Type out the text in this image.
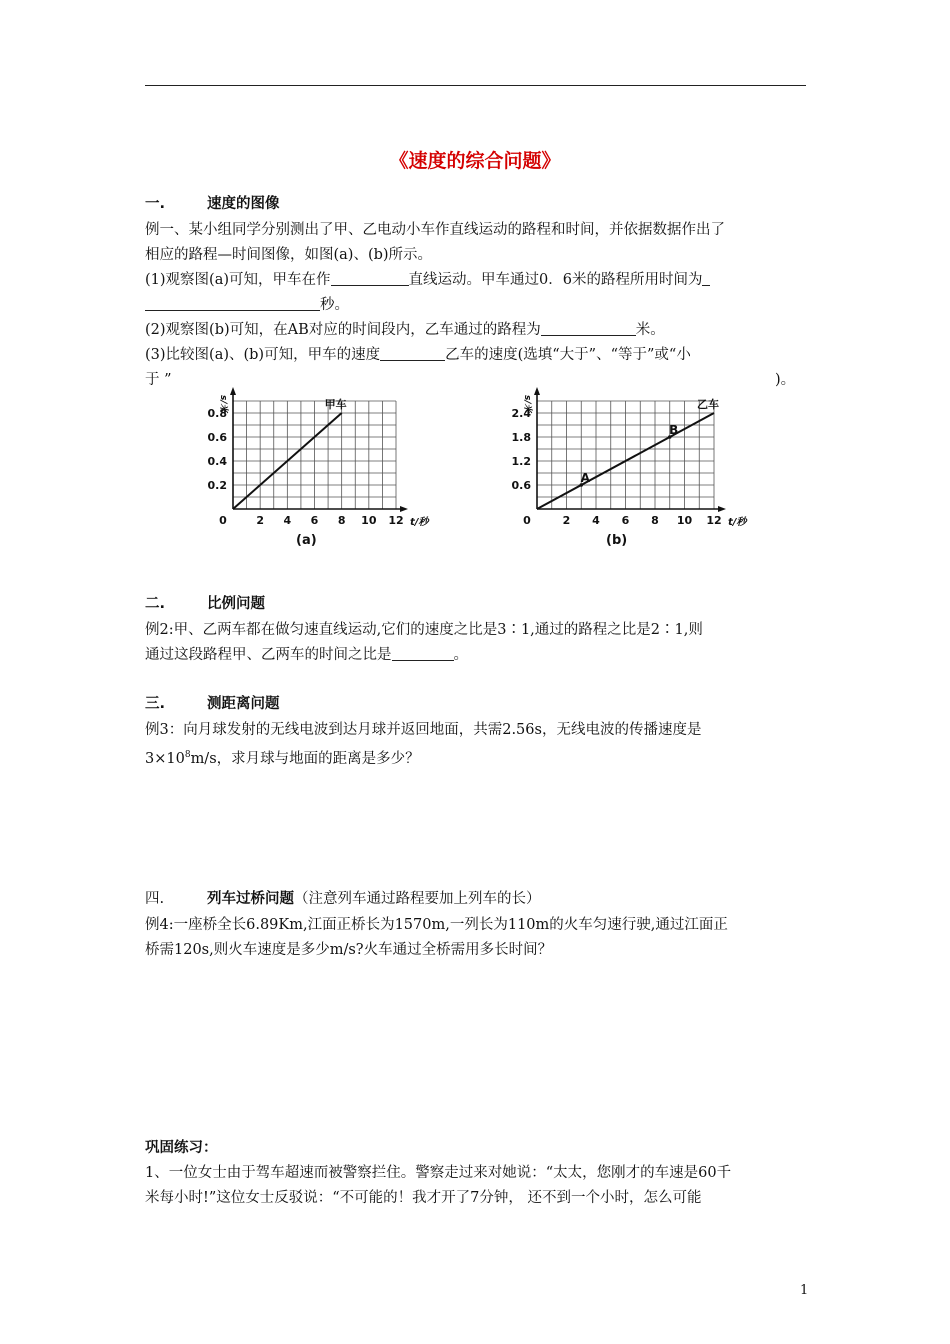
《速度的综合问题》
一.	速度的图像
例一、某小组同学分别测出了甲、乙电动小车作直线运动的路程和时间，并依据数据作出了
相应的路程—时间图像，如图(a)、(b)所示。
(1)观察图(a)可知，甲车在作	直线运动。甲车通过0．6米的路程所用时间为
秒。
(2)观察图(b)可知，在AB对应的时间段内，乙车通过的路程为	米。
(3)比较图(a)、(b)可知，甲车的速度	乙车的速度(选填“大于”、“等于”或“小
于 ”	)。
0	2 4 6 8 10 12
0.2
0.4
0.6
0.8
t/秒
s/米	甲车
(a)
0	2 4 6 8 10 12
0.6
1.2
1.8
2.4
t/秒
s/米	乙车
A
B
(b)
二.	比例问题
例2:甲、乙两车都在做匀速直线运动,它们的速度之比是3∶1,通过的路程之比是2∶1,则
通过这段路程甲、乙两车的时间之比是	。
三.	测距离问题
例3：向月球发射的无线电波到达月球并返回地面，共需2.56s，无线电波的传播速度是
$3\times 10^8m/s$，求月球与地面的距离是多少？
四.	列车过桥问题（注意列车通过路程要加上列车的长）
例4:一座桥全长6.89Km,江面正桥长为1570m,一列长为110m的火车匀速行驶,通过江面正
桥需120s,则火车速度是多少m/s?火车通过全桥需用多长时间？
巩固练习：
1、一位女士由于驾车超速而被警察拦住。警察走过来对她说：“太太，您刚才的车速是60千
米每小时!”这位女士反驳说：“不可能的！我才开了7分钟， 还不到一个小时，怎么可能
1
